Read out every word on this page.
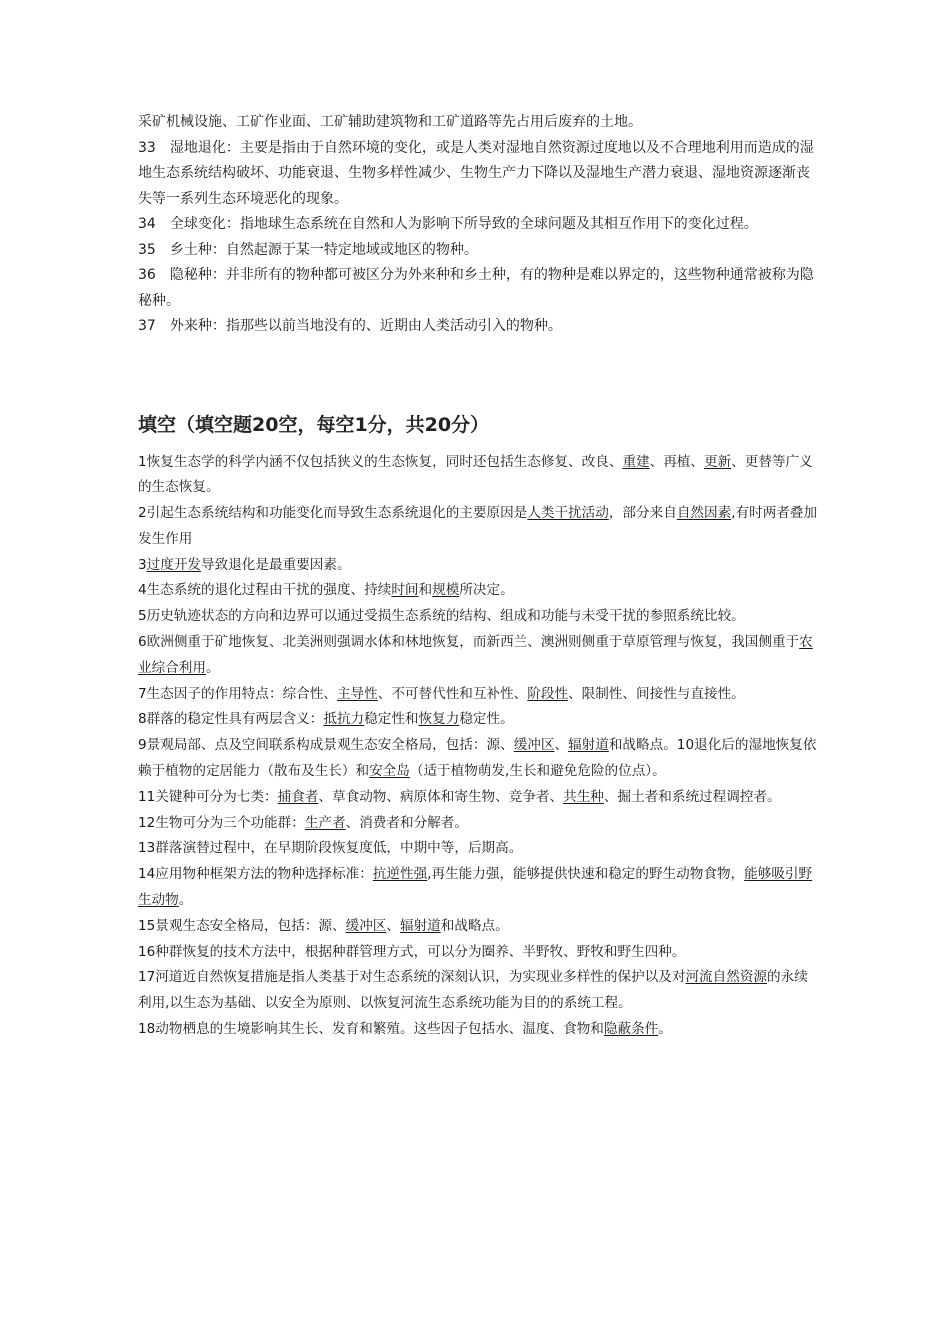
采矿机械设施、工矿作业面、工矿辅助建筑物和工矿道路等先占用后废弃的土地。

33　湿地退化：主要是指由于自然环境的变化，或是人类对湿地自然资源过度地以及不合理地利用而造成的湿地生态系统结构破坏、功能衰退、生物多样性减少、生物生产力下降以及湿地生产潜力衰退、湿地资源逐渐丧失等一系列生态环境恶化的现象。

34　全球变化：指地球生态系统在自然和人为影响下所导致的全球问题及其相互作用下的变化过程。

35　乡土种：自然起源于某一特定地域或地区的物种。

36　隐秘种：并非所有的物种都可被区分为外来种和乡土种，有的物种是难以界定的，这些物种通常被称为隐秘种。

37　外来种：指那些以前当地没有的、近期由人类活动引入的物种。

填空（填空题20空，每空1分，共20分）

1恢复生态学的科学内涵不仅包括狭义的生态恢复，同时还包括生态修复、改良、重建、再植、更新、更替等广义的生态恢复。

2引起生态系统结构和功能变化而导致生态系统退化的主要原因是人类干扰活动，部分来自自然因素,有时两者叠加发生作用

3过度开发导致退化是最重要因素。

4生态系统的退化过程由干扰的强度、持续时间和规模所决定。

5历史轨迹状态的方向和边界可以通过受损生态系统的结构、组成和功能与未受干扰的参照系统比较。

6欧洲侧重于矿地恢复、北美洲则强调水体和林地恢复，而新西兰、澳洲则侧重于草原管理与恢复，我国侧重于农业综合利用。

7生态因子的作用特点：综合性、主导性、不可替代性和互补性、阶段性、限制性、间接性与直接性。

8群落的稳定性具有两层含义：抵抗力稳定性和恢复力稳定性。

9景观局部、点及空间联系构成景观生态安全格局，包括：源、缓冲区、辐射道和战略点。10退化后的湿地恢复依赖于植物的定居能力（散布及生长）和安全岛（适于植物萌发,生长和避免危险的位点）。

11关键种可分为七类：捕食者、草食动物、病原体和寄生物、竞争者、共生种、掘土者和系统过程调控者。

12生物可分为三个功能群：生产者、消费者和分解者。

13群落演替过程中，在早期阶段恢复度低，中期中等，后期高。

14应用物种框架方法的物种选择标准：抗逆性强,再生能力强，能够提供快速和稳定的野生动物食物，能够吸引野生动物。

15景观生态安全格局，包括：源、缓冲区、辐射道和战略点。

16种群恢复的技术方法中，根据种群管理方式，可以分为圈养、半野牧、野牧和野生四种。

17河道近自然恢复措施是指人类基于对生态系统的深刻认识，为实现业多样性的保护以及对河流自然资源的永续利用,以生态为基础、以安全为原则、以恢复河流生态系统功能为目的的系统工程。

18动物栖息的生境影响其生长、发育和繁殖。这些因子包括水、温度、食物和隐蔽条件。
